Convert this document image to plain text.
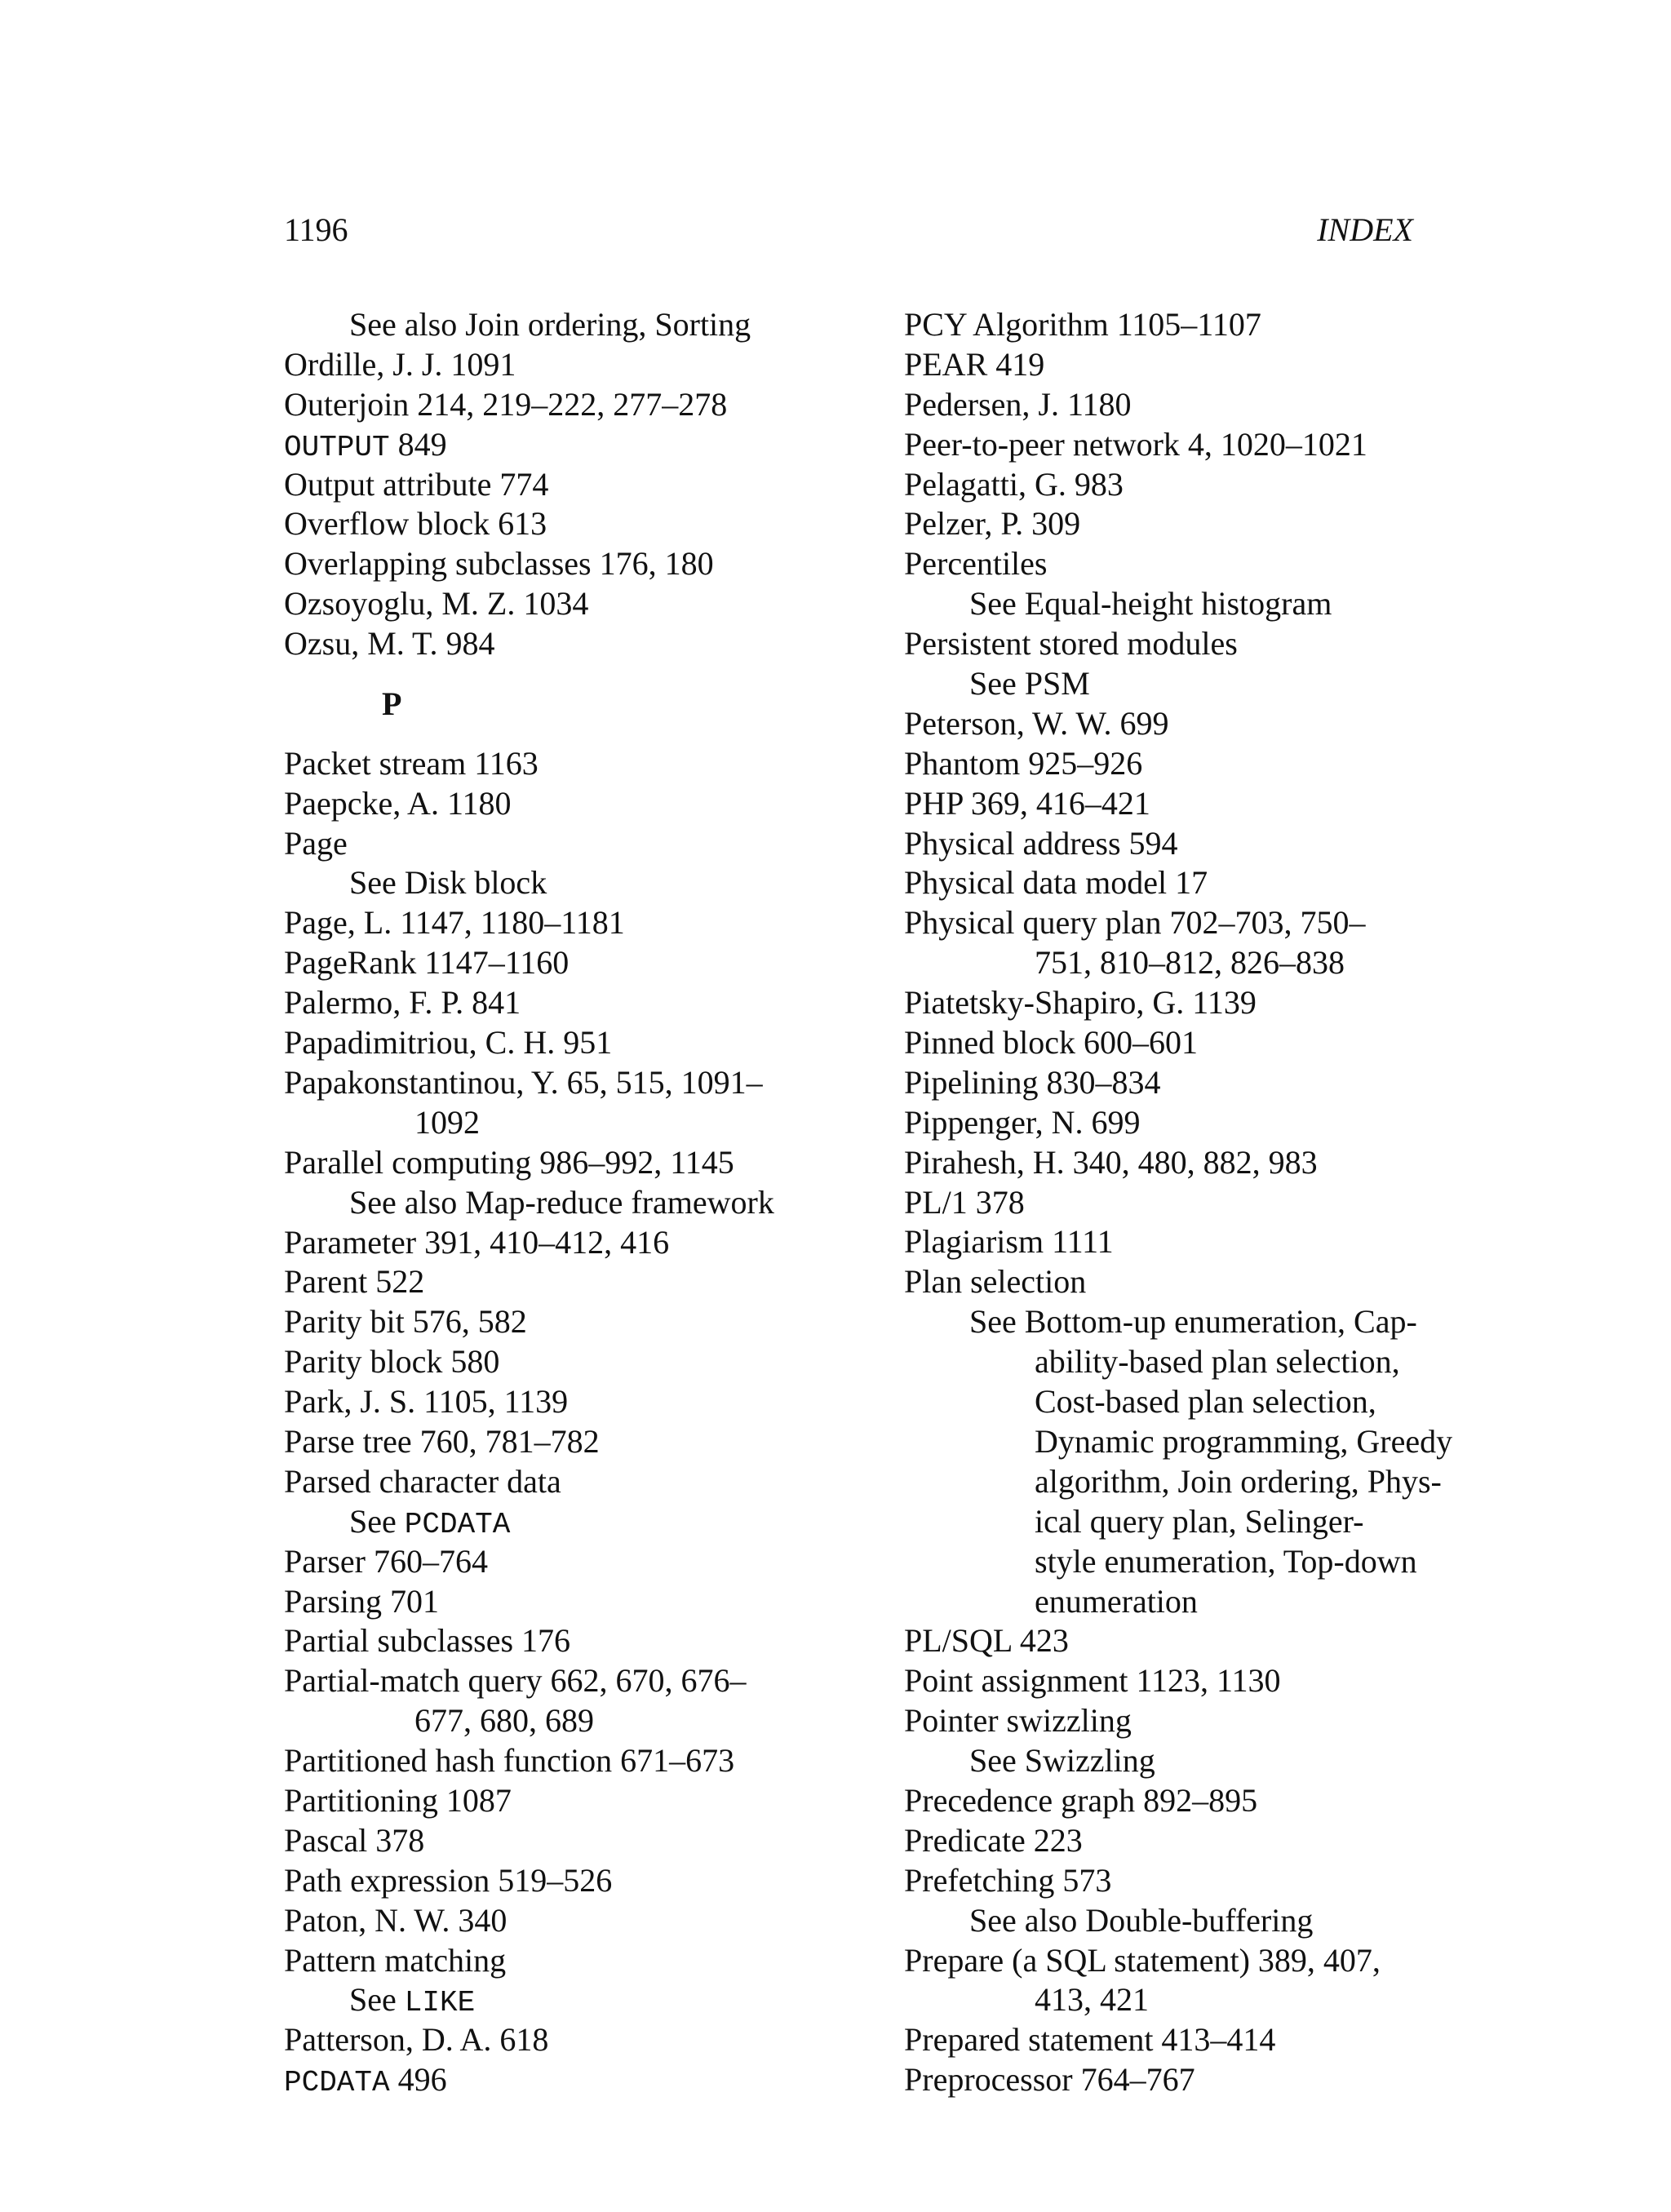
1196	INDEX
See also Join ordering, Sorting
Ordille, J. J. 1091
Outerjoin 214, 219–222, 277–278
OUTPUT 849
Output attribute 774
Overflow block 613
Overlapping subclasses 176, 180
Ozsoyoglu, M. Z. 1034
Ozsu, M. T. 984
P
Packet stream 1163
Paepcke, A. 1180
Page
See Disk block
Page, L. 1147, 1180–1181
PageRank 1147–1160
Palermo, F. P. 841
Papadimitriou, C. H. 951
Papakonstantinou, Y. 65, 515, 1091–
1092
Parallel computing 986–992, 1145
See also Map-reduce framework
Parameter 391, 410–412, 416
Parent 522
Parity bit 576, 582
Parity block 580
Park, J. S. 1105, 1139
Parse tree 760, 781–782
Parsed character data
See PCDATA
Parser 760–764
Parsing 701
Partial subclasses 176
Partial-match query 662, 670, 676–
677, 680, 689
Partitioned hash function 671–673
Partitioning 1087
Pascal 378
Path expression 519–526
Paton, N. W. 340
Pattern matching
See LIKE
Patterson, D. A. 618
PCDATA 496
PCY Algorithm 1105–1107
PEAR 419
Pedersen, J. 1180
Peer-to-peer network 4, 1020–1021
Pelagatti, G. 983
Pelzer, P. 309
Percentiles
See Equal-height histogram
Persistent stored modules
See PSM
Peterson, W. W. 699
Phantom 925–926
PHP 369, 416–421
Physical address 594
Physical data model 17
Physical query plan 702–703, 750–
751, 810–812, 826–838
Piatetsky-Shapiro, G. 1139
Pinned block 600–601
Pipelining 830–834
Pippenger, N. 699
Pirahesh, H. 340, 480, 882, 983
PL/1 378
Plagiarism 1111
Plan selection
See Bottom-up enumeration, Cap-
ability-based plan selection,
Cost-based plan selection,
Dynamic programming, Greedy
algorithm, Join ordering, Phys-
ical query plan, Selinger-
style enumeration, Top-down
enumeration
PL/SQL 423
Point assignment 1123, 1130
Pointer swizzling
See Swizzling
Precedence graph 892–895
Predicate 223
Prefetching 573
See also Double-buffering
Prepare (a SQL statement) 389, 407,
413, 421
Prepared statement 413–414
Preprocessor 764–767
